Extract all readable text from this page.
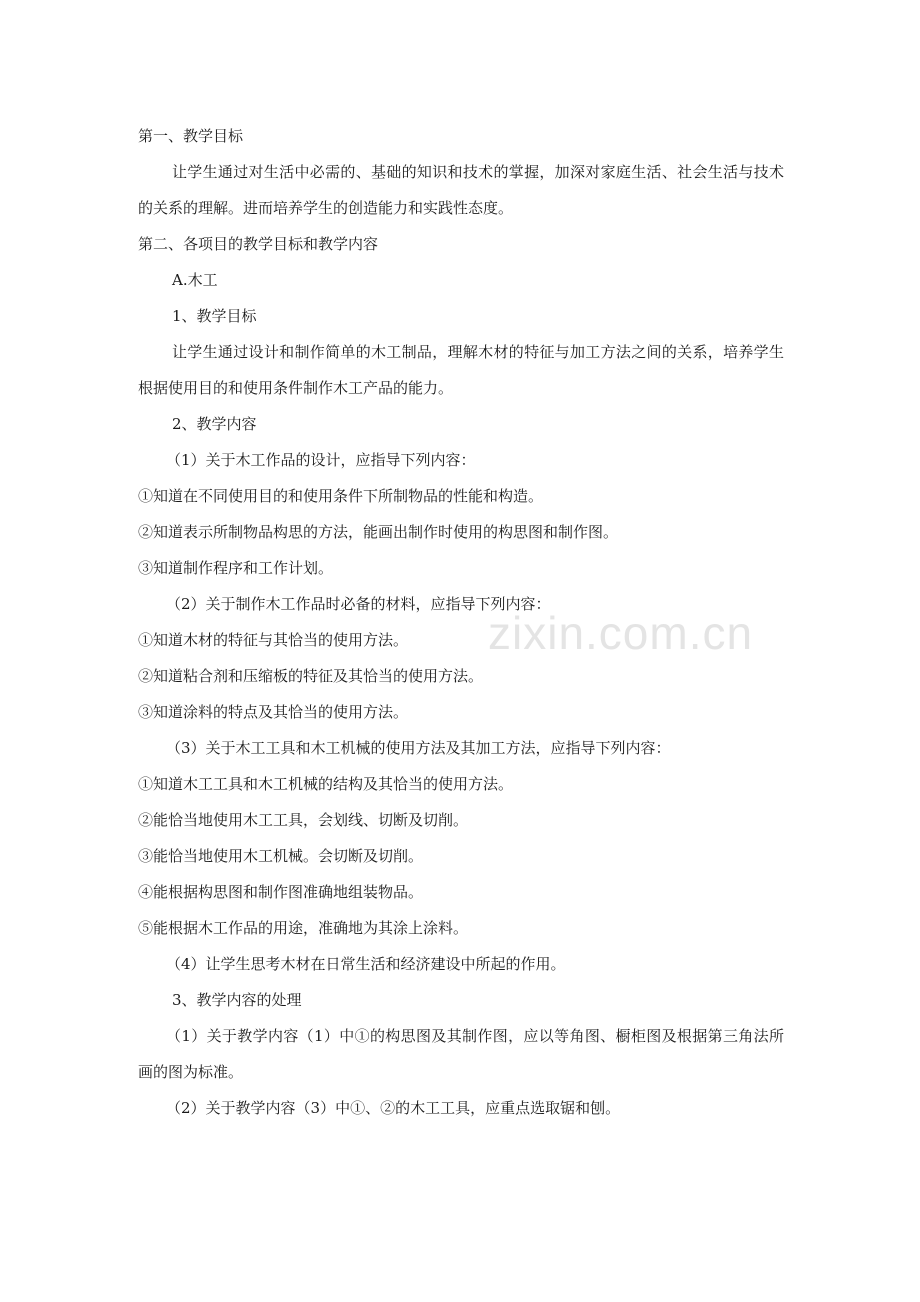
zixin.com.cn

第一、教学目标

让学生通过对生活中必需的、基础的知识和技术的掌握，加深对家庭生活、社会生活与技术的关系的理解。进而培养学生的创造能力和实践性态度。

第二、各项目的教学目标和教学内容

A.木工

1、教学目标

让学生通过设计和制作简单的木工制品，理解木材的特征与加工方法之间的关系，培养学生根据使用目的和使用条件制作木工产品的能力。

2、教学内容

（1）关于木工作品的设计，应指导下列内容：

①知道在不同使用目的和使用条件下所制物品的性能和构造。

②知道表示所制物品构思的方法，能画出制作时使用的构思图和制作图。

③知道制作程序和工作计划。

（2）关于制作木工作品时必备的材料，应指导下列内容：

①知道木材的特征与其恰当的使用方法。

②知道粘合剂和压缩板的特征及其恰当的使用方法。

③知道涂料的特点及其恰当的使用方法。

（3）关于木工工具和木工机械的使用方法及其加工方法，应指导下列内容：

①知道木工工具和木工机械的结构及其恰当的使用方法。

②能恰当地使用木工工具，会划线、切断及切削。

③能恰当地使用木工机械。会切断及切削。

④能根据构思图和制作图准确地组装物品。

⑤能根据木工作品的用途，准确地为其涂上涂料。

（4）让学生思考木材在日常生活和经济建设中所起的作用。

3、教学内容的处理

（1）关于教学内容（1）中①的构思图及其制作图，应以等角图、橱柜图及根据第三角法所画的图为标准。

（2）关于教学内容（3）中①、②的木工工具，应重点选取锯和刨。
